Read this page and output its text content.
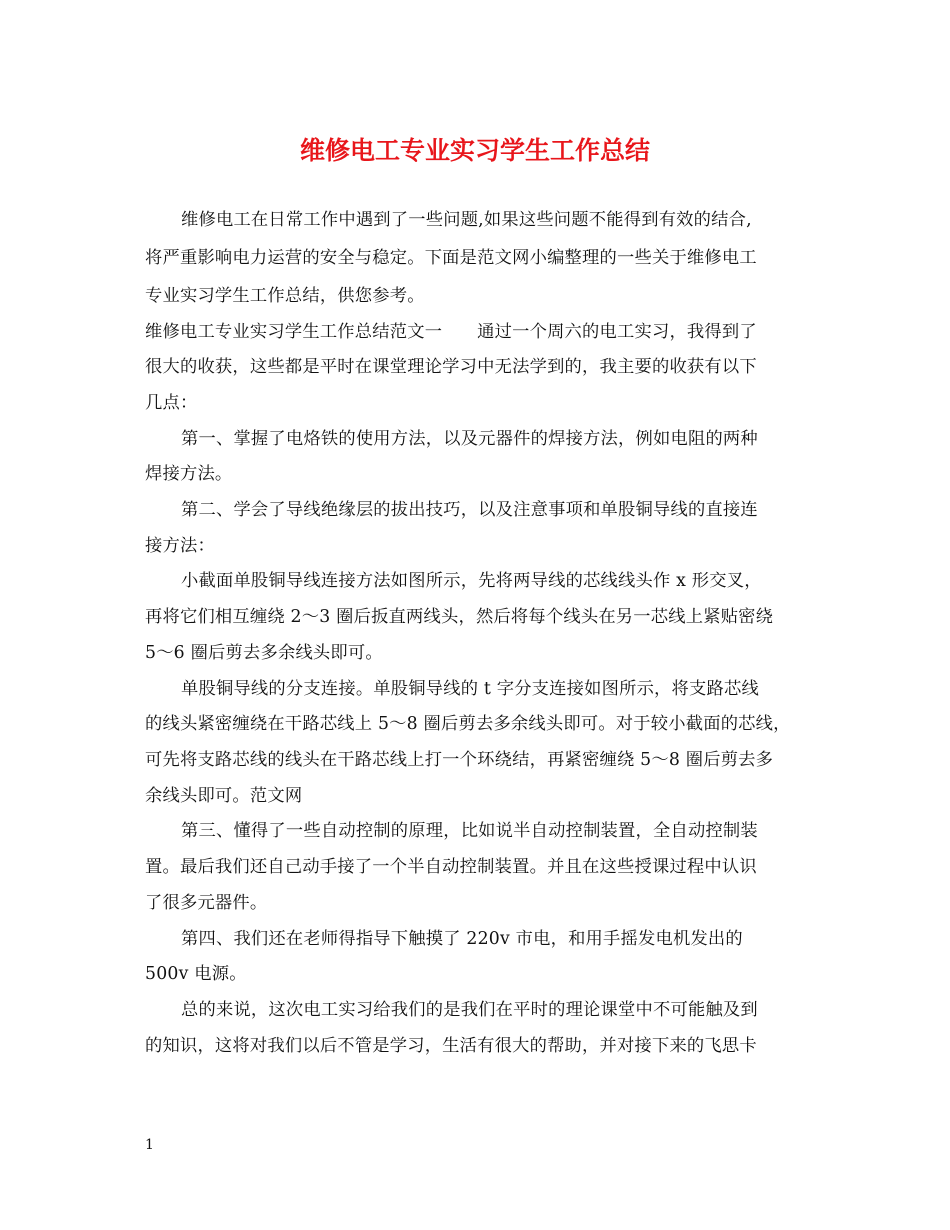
维修电工专业实习学生工作总结
维修电工在日常工作中遇到了一些问题,如果这些问题不能得到有效的结合,
将严重影响电力运营的安全与稳定。下面是范文网小编整理的一些关于维修电工
专业实习学生工作总结，供您参考。
维修电工专业实习学生工作总结范文一　　通过一个周六的电工实习，我得到了
很大的收获，这些都是平时在课堂理论学习中无法学到的，我主要的收获有以下
几点：
第一、掌握了电烙铁的使用方法，以及元器件的焊接方法，例如电阻的两种
焊接方法。
第二、学会了导线绝缘层的拔出技巧，以及注意事项和单股铜导线的直接连
接方法：
小截面单股铜导线连接方法如图所示，先将两导线的芯线线头作 x 形交叉，
再将它们相互缠绕 2～3 圈后扳直两线头，然后将每个线头在另一芯线上紧贴密绕
5～6 圈后剪去多余线头即可。
单股铜导线的分支连接。单股铜导线的 t 字分支连接如图所示，将支路芯线
的线头紧密缠绕在干路芯线上 5～8 圈后剪去多余线头即可。对于较小截面的芯线，
可先将支路芯线的线头在干路芯线上打一个环绕结，再紧密缠绕 5～8 圈后剪去多
余线头即可。范文网
第三、懂得了一些自动控制的原理，比如说半自动控制装置，全自动控制装
置。最后我们还自己动手接了一个半自动控制装置。并且在这些授课过程中认识
了很多元器件。
第四、我们还在老师得指导下触摸了 220v 市电，和用手摇发电机发出的
500v 电源。
总的来说，这次电工实习给我们的是我们在平时的理论课堂中不可能触及到
的知识，这将对我们以后不管是学习，生活有很大的帮助，并对接下来的飞思卡
1
